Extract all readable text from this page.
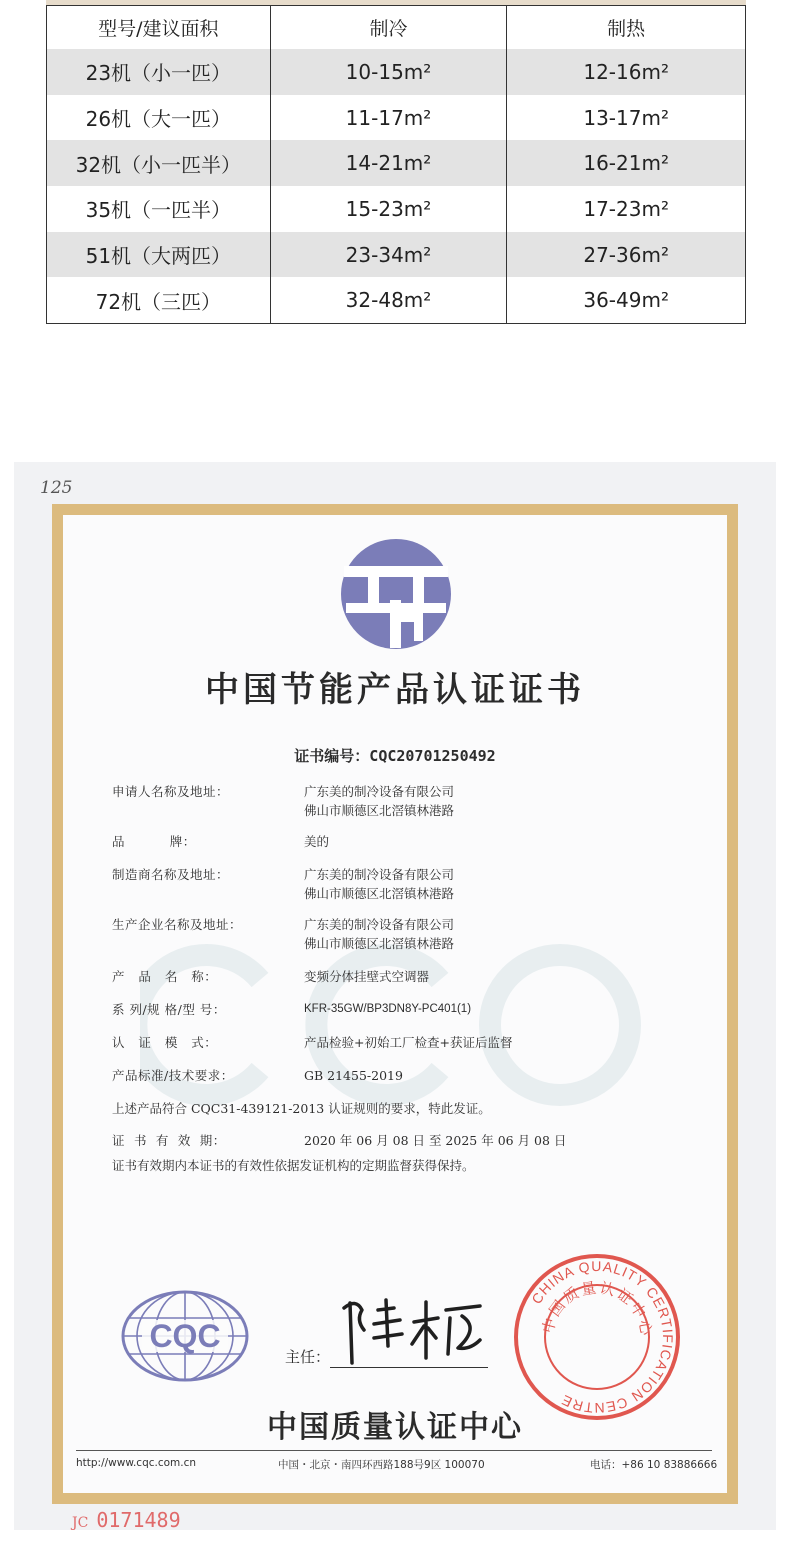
型号/建议面积	制冷	制热
23机（小一匹）	10-15m²	12-16m²
26机（大一匹）	11-17m²	13-17m²
32机（小一匹半）	14-21m²	16-21m²
35机（一匹半）	15-23m²	17-23m²
51机（大两匹）	23-34m²	27-36m²
72机（三匹）	32-48m²	36-49m²
125
中国节能产品认证证书
证书编号：CQC20701250492
申请人名称及地址：	广东美的制冷设备有限公司
佛山市顺德区北滘镇林港路
品          牌：	美的
制造商名称及地址：	广东美的制冷设备有限公司
佛山市顺德区北滘镇林港路
生产企业名称及地址：	广东美的制冷设备有限公司
佛山市顺德区北滘镇林港路
产   品   名   称：	变频分体挂壁式空调器
系 列/规 格/型 号：	KFR-35GW/BP3DN8Y-PC401(1)
认   证   模   式：	产品检验+初始工厂检查+获证后监督
产品标准/技术要求：	GB 21455-2019
上述产品符合 CQC31-439121-2013 认证规则的要求，特此发证。
证  书  有  效  期：	2020 年 06 月 08 日 至 2025 年 06 月 08 日
证书有效期内本证书的有效性依据发证机构的定期监督获得保持。
CQC
主任：
CHINA QUALITY CERTIFICATION CENTRE
中国质量认证中心
中国质量认证中心
http://www.cqc.com.cn	中国・北京・南四环西路188号9区 100070	电话：+86 10 83886666
JC 0171489
